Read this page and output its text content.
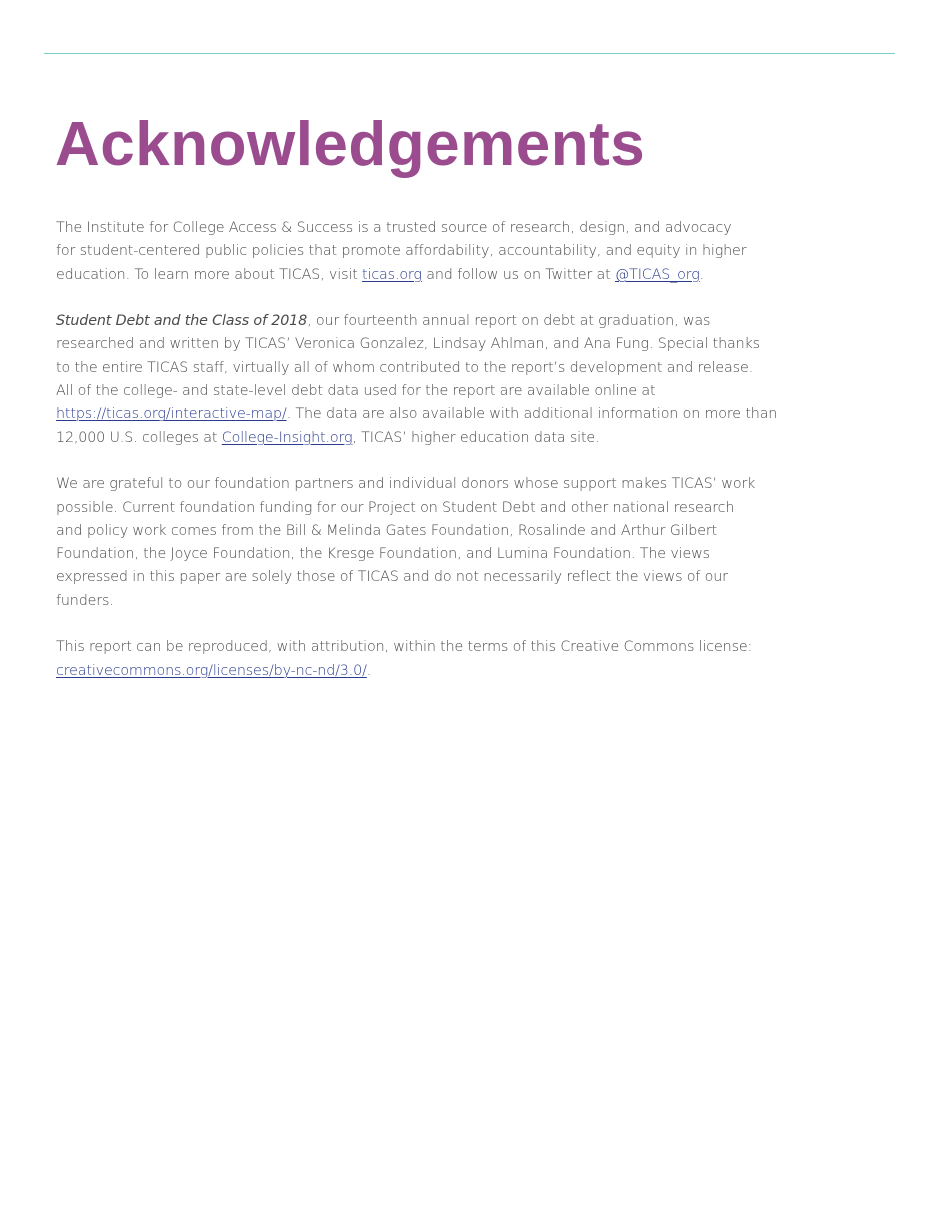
Acknowledgements

The Institute for College Access & Success is a trusted source of research, design, and advocacy
for student-centered public policies that promote affordability, accountability, and equity in higher
education. To learn more about TICAS, visit ticas.org and follow us on Twitter at @TICAS_org.

Student Debt and the Class of 2018, our fourteenth annual report on debt at graduation, was
researched and written by TICAS’ Veronica Gonzalez, Lindsay Ahlman, and Ana Fung. Special thanks
to the entire TICAS staff, virtually all of whom contributed to the report’s development and release.
All of the college- and state-level debt data used for the report are available online at
https://ticas.org/interactive-map/. The data are also available with additional information on more than
12,000 U.S. colleges at College-Insight.org, TICAS’ higher education data site.

We are grateful to our foundation partners and individual donors whose support makes TICAS’ work
possible. Current foundation funding for our Project on Student Debt and other national research
and policy work comes from the Bill & Melinda Gates Foundation, Rosalinde and Arthur Gilbert
Foundation, the Joyce Foundation, the Kresge Foundation, and Lumina Foundation. The views
expressed in this paper are solely those of TICAS and do not necessarily reflect the views of our
funders.

This report can be reproduced, with attribution, within the terms of this Creative Commons license:
creativecommons.org/licenses/by-nc-nd/3.0/.
